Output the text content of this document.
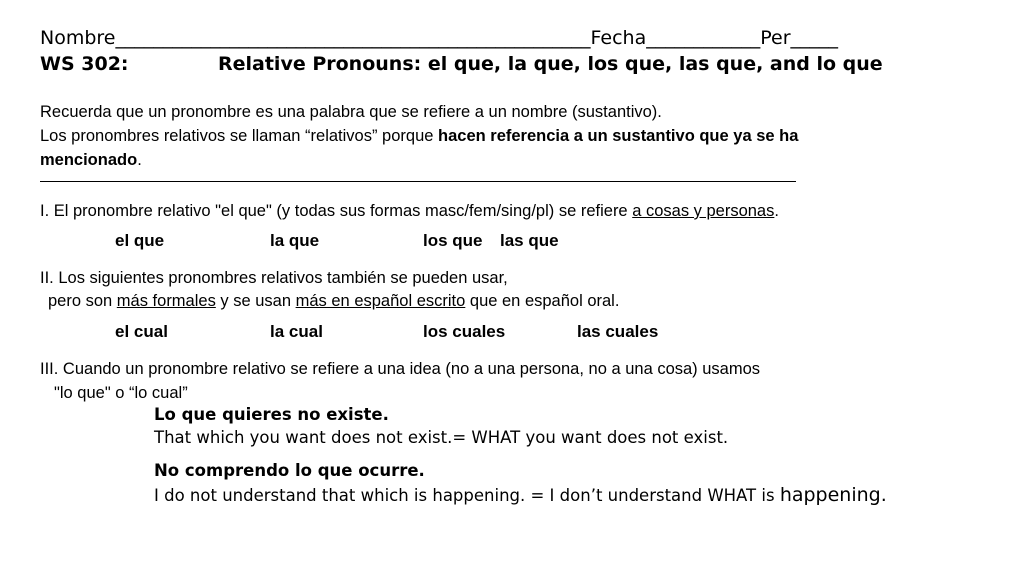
Nombre__________________________________________________Fecha____________Per_____
WS 302:	Relative Pronouns: el que, la que, los que, las que, and lo que
Recuerda que un pronombre es una palabra que se refiere a un nombre (sustantivo).
Los pronombres relativos se llaman “relativos” porque hacen referencia a un sustantivo que ya se ha
mencionado.
I. El pronombre relativo "el que" (y todas sus formas masc/fem/sing/pl) se refiere a cosas y personas.
el que	la que	los que las que
II. Los siguientes pronombres relativos también se pueden usar,
pero son más formales y se usan más en español escrito que en español oral.
el cual	la cual	los cuales	las cuales
III. Cuando un pronombre relativo se refiere a una idea (no a una persona, no a una cosa) usamos
"lo que" o “lo cual”
Lo que quieres no existe.
That which you want does not exist.= WHAT you want does not exist.
No comprendo lo que ocurre.
I do not understand that which is happening. = I don’t understand WHAT is happening.
